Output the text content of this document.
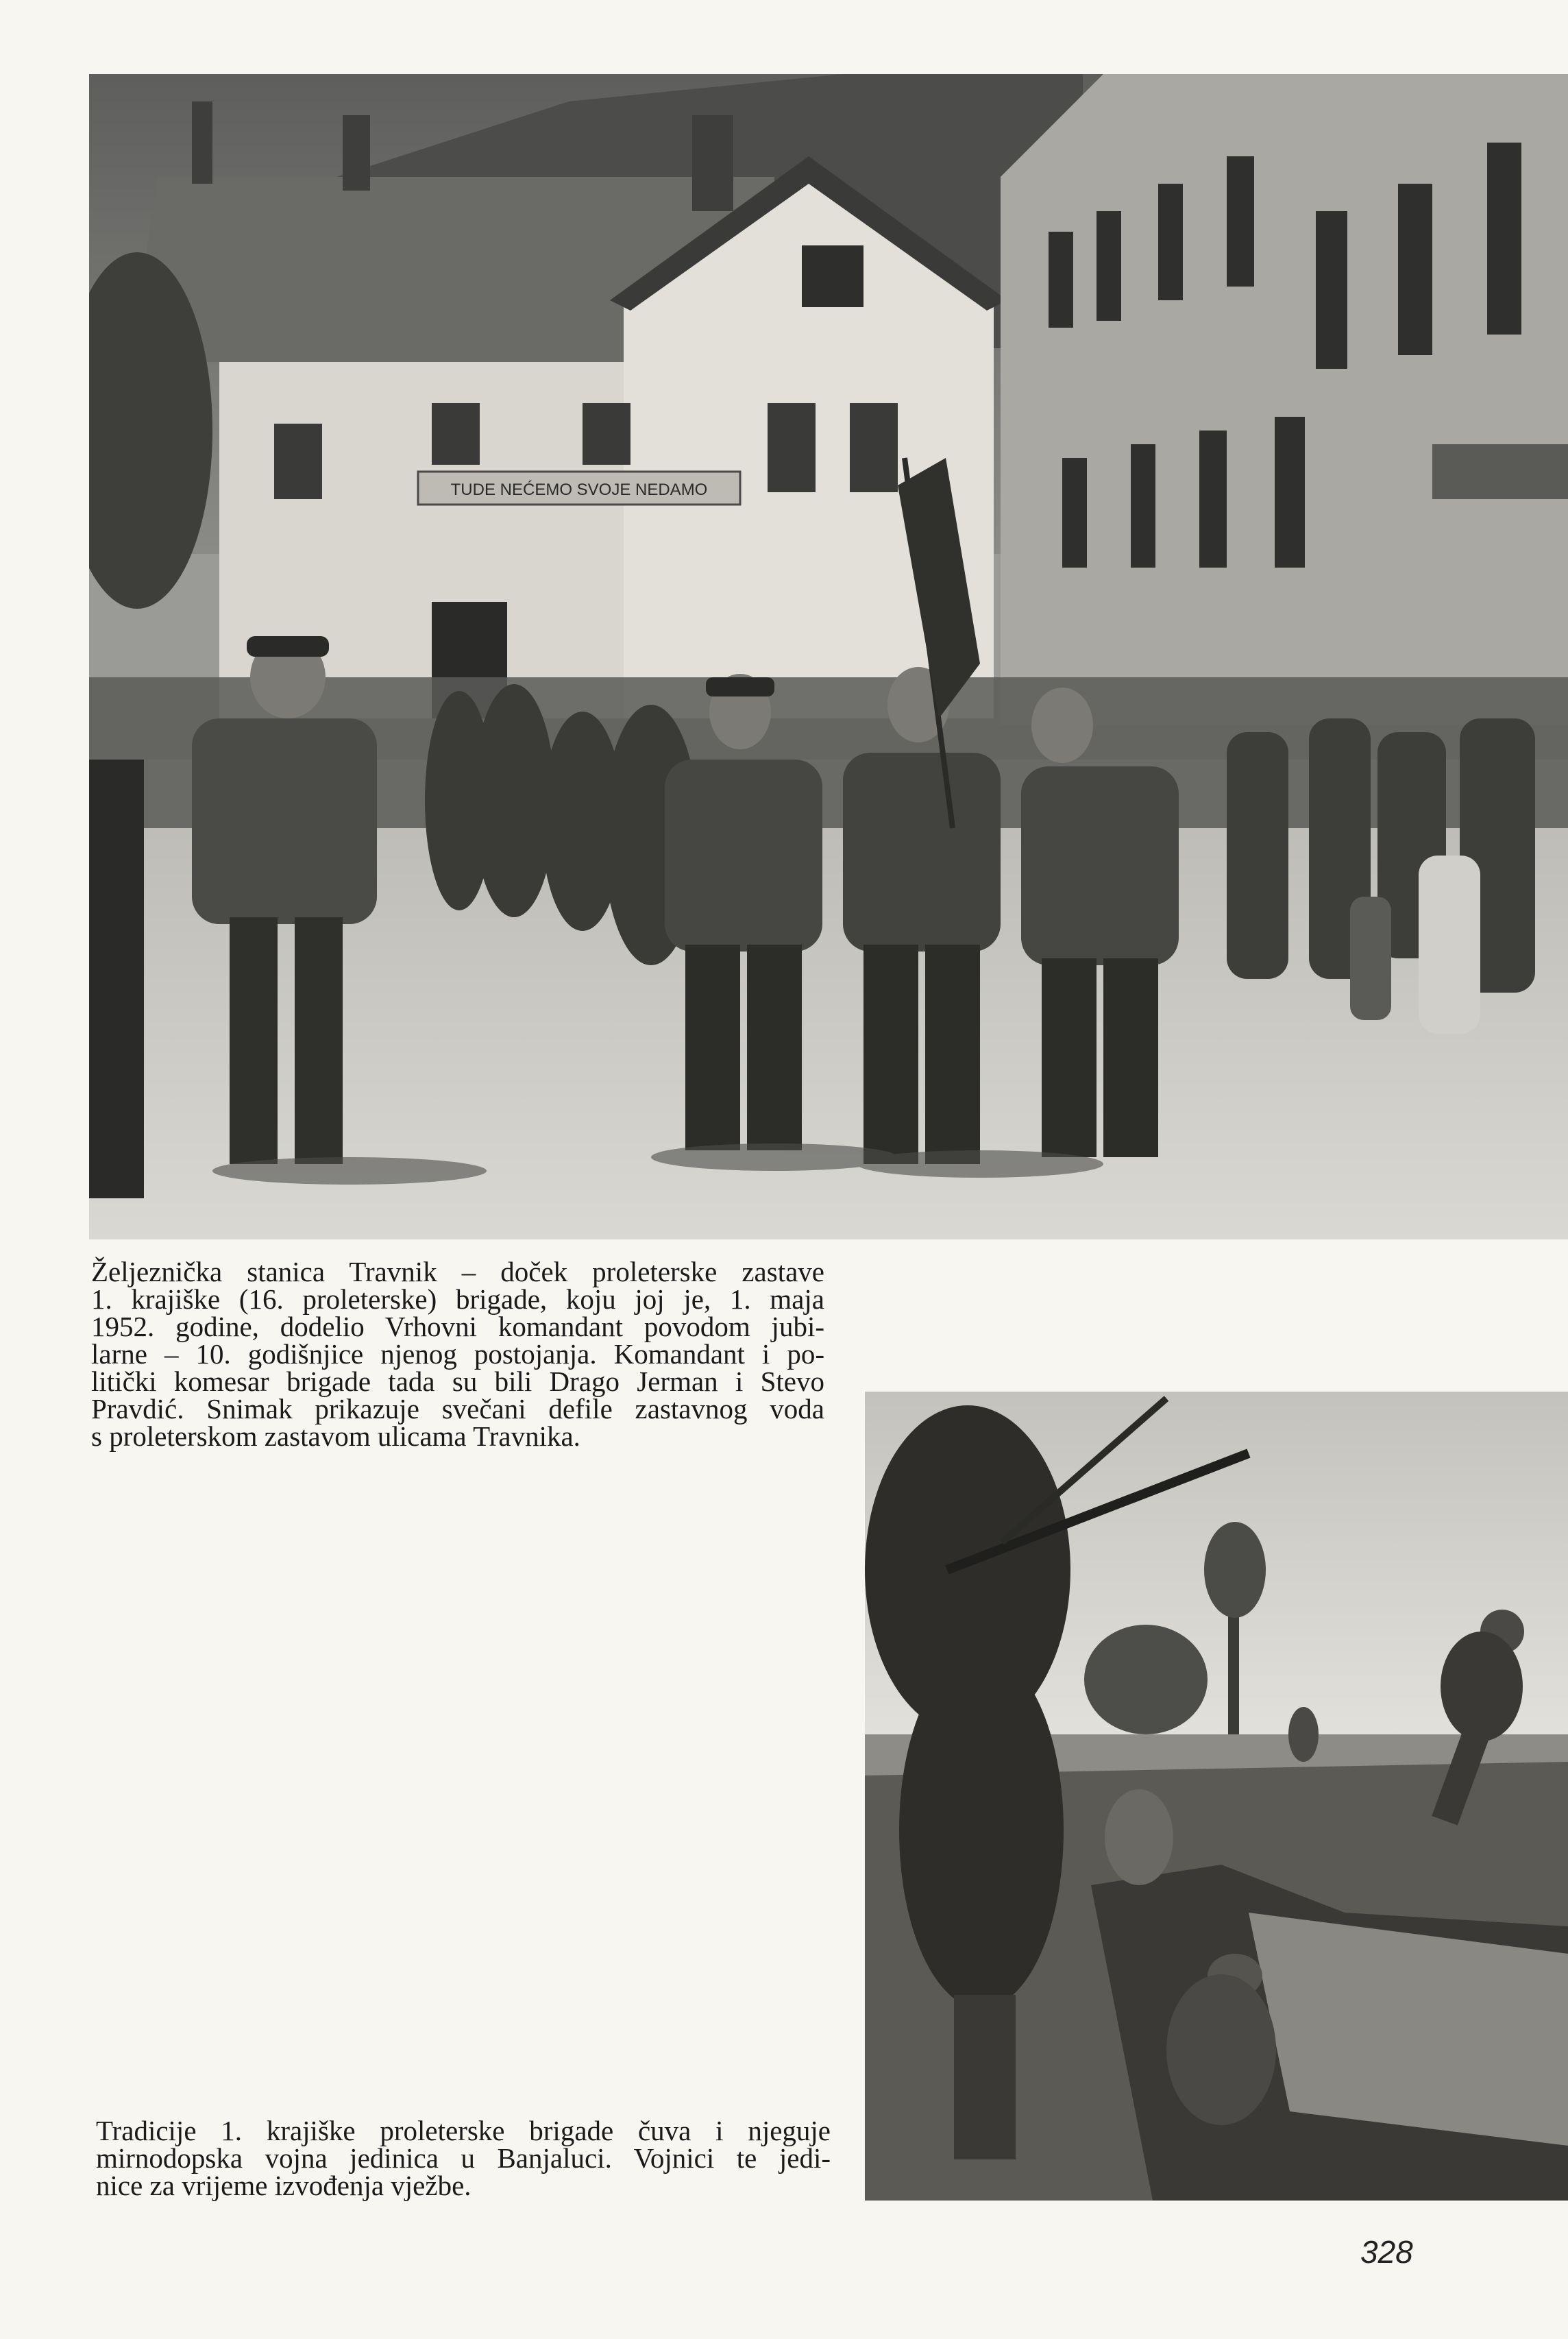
TUDE NEĆEMO SVOJE NEDAMO
Željeznička stanica Travnik – doček proleterske zastave
1. krajiške (16. proleterske) brigade, koju joj je, 1. maja
1952. godine, dodelio Vrhovni komandant povodom jubi-
larne – 10. godišnjice njenog postojanja. Komandant i po-
litički komesar brigade tada su bili Drago Jerman i Stevo
Pravdić. Snimak prikazuje svečani defile zastavnog voda
s proleterskom zastavom ulicama Travnika.
Tradicije 1. krajiške proleterske brigade čuva i njeguje
mirnodopska vojna jedinica u Banjaluci. Vojnici te jedi-
nice za vrijeme izvođenja vježbe.
328
